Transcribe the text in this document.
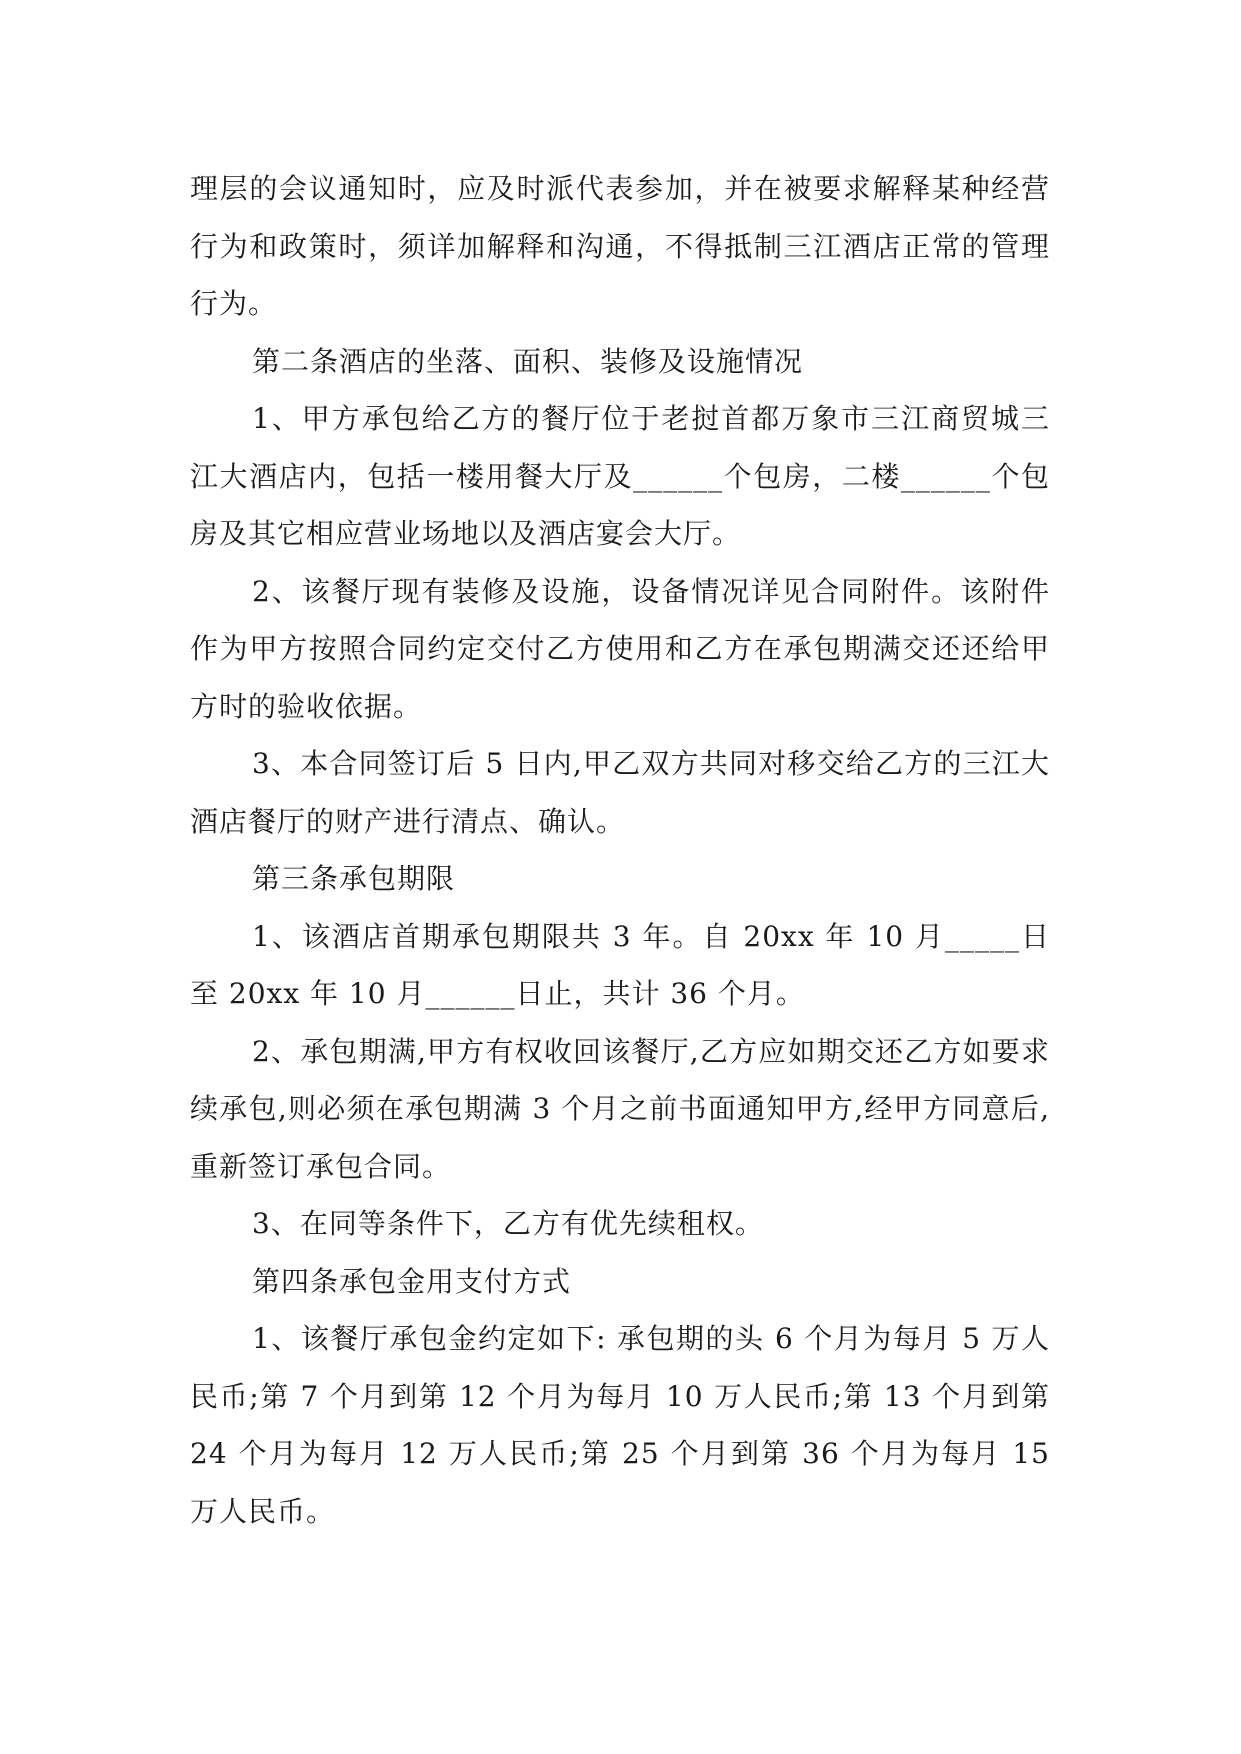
理层的会议通知时，应及时派代表参加，并在被要求解释某种经营行为和政策时，须详加解释和沟通，不得抵制三江酒店正常的管理行为。

第二条酒店的坐落、面积、装修及设施情况

1、甲方承包给乙方的餐厅位于老挝首都万象市三江商贸城三江大酒店内，包括一楼用餐大厅及______个包房，二楼______个包房及其它相应营业场地以及酒店宴会大厅。

2、该餐厅现有装修及设施，设备情况详见合同附件。该附件作为甲方按照合同约定交付乙方使用和乙方在承包期满交还还给甲方时的验收依据。

3、本合同签订后 5 日内,甲乙双方共同对移交给乙方的三江大酒店餐厅的财产进行清点、确认。

第三条承包期限

1、该酒店首期承包期限共 3 年。自 20xx 年 10 月_____日至 20xx 年 10 月______日止，共计 36 个月。

2、承包期满,甲方有权收回该餐厅,乙方应如期交还乙方如要求续承包,则必须在承包期满 3 个月之前书面通知甲方,经甲方同意后,重新签订承包合同。

3、在同等条件下，乙方有优先续租权。

第四条承包金用支付方式

1、该餐厅承包金约定如下: 承包期的头 6 个月为每月 5 万人民币;第 7 个月到第 12 个月为每月 10 万人民币;第 13 个月到第 24 个月为每月 12 万人民币;第 25 个月到第 36 个月为每月 15 万人民币。
